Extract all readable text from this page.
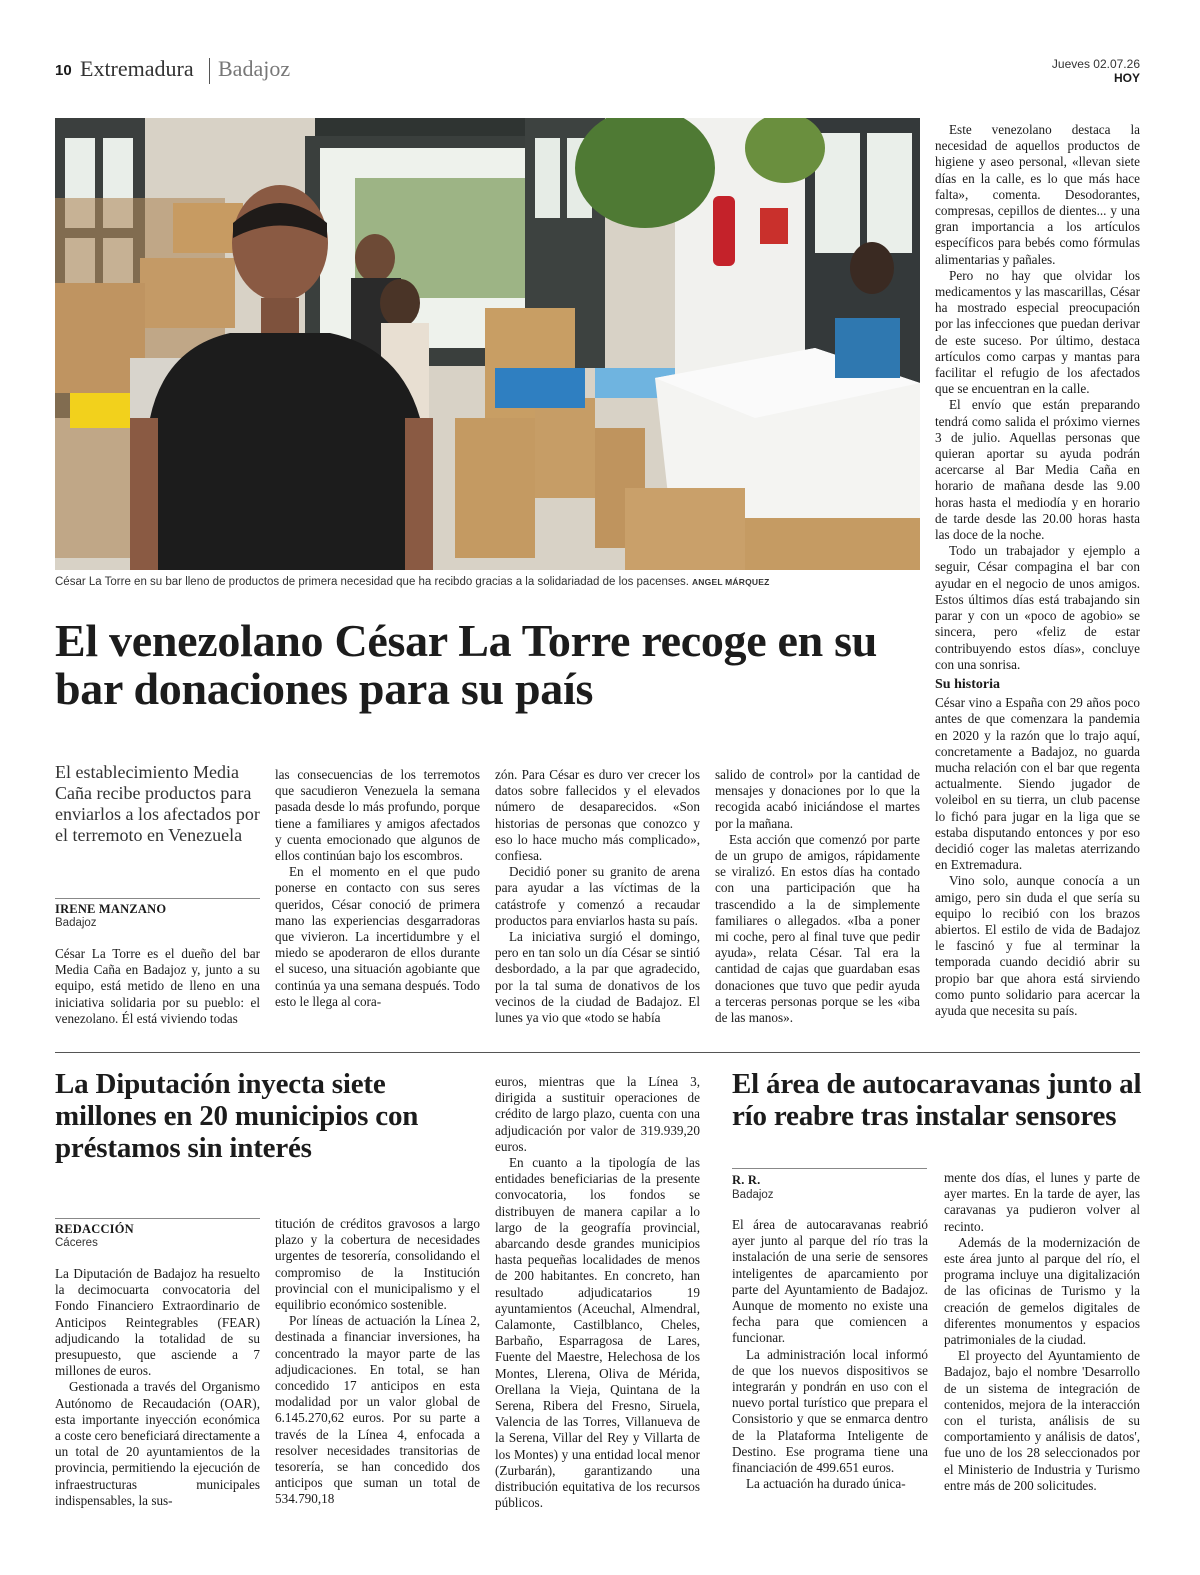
10 Extremadura Badajoz	Jueves 02.07.26
HOY
César La Torre en su bar lleno de productos de primera necesidad que ha recibdo gracias a la solidariadad de los pacenses. ANGEL MÁRQUEZ
El venezolano César La Torre recoge en su bar donaciones para su país
El establecimiento Media Caña recibe productos para enviarlos a los afectados por el terremoto en Venezuela
IRENE MANZANO
Badajoz

César La Torre es el dueño del bar Media Caña en Badajoz y, junto a su equipo, está metido de lleno en una iniciativa solidaria por su pueblo: el venezolano. Él está viviendo todas

las consecuencias de los terremotos que sacudieron Venezuela la semana pasada desde lo más profundo, porque tiene a familiares y amigos afectados y cuenta emocionado que algunos de ellos continúan bajo los escombros.

En el momento en el que pudo ponerse en contacto con sus seres queridos, César conoció de primera mano las experiencias desgarradoras que vivieron. La incertidumbre y el miedo se apoderaron de ellos durante el suceso, una situación agobiante que continúa ya una semana después. Todo esto le llega al cora-

zón. Para César es duro ver crecer los datos sobre fallecidos y el elevados número de desaparecidos. «Son historias de personas que conozco y eso lo hace mucho más complicado», confiesa.

Decidió poner su granito de arena para ayudar a las víctimas de la catástrofe y comenzó a recaudar productos para enviarlos hasta su país.

La iniciativa surgió el domingo, pero en tan solo un día César se sintió desbordado, a la par que agradecido, por la tal suma de donativos de los vecinos de la ciudad de Badajoz. El lunes ya vio que «todo se había

salido de control» por la cantidad de mensajes y donaciones por lo que la recogida acabó iniciándose el martes por la mañana.

Esta acción que comenzó por parte de un grupo de amigos, rápidamente se viralizó. En estos días ha contado con una participación que ha trascendido a la de simplemente familiares o allegados. «Iba a poner mi coche, pero al final tuve que pedir ayuda», relata César. Tal era la cantidad de cajas que guardaban esas donaciones que tuvo que pedir ayuda a terceras personas porque se les «iba de las manos».

Este venezolano destaca la necesidad de aquellos productos de higiene y aseo personal, «llevan siete días en la calle, es lo que más hace falta», comenta. Desodorantes, compresas, cepillos de dientes... y una gran importancia a los artículos específicos para bebés como fórmulas alimentarias y pañales.

Pero no hay que olvidar los medicamentos y las mascarillas, César ha mostrado especial preocupación por las infecciones que puedan derivar de este suceso. Por último, destaca artículos como carpas y mantas para facilitar el refugio de los afectados que se encuentran en la calle.

El envío que están preparando tendrá como salida el próximo viernes 3 de julio. Aquellas personas que quieran aportar su ayuda podrán acercarse al Bar Media Caña en horario de mañana desde las 9.00 horas hasta el mediodía y en horario de tarde desde las 20.00 horas hasta las doce de la noche.

Todo un trabajador y ejemplo a seguir, César compagina el bar con ayudar en el negocio de unos amigos. Estos últimos días está trabajando sin parar y con un «poco de agobio» se sincera, pero «feliz de estar contribuyendo estos días», concluye con una sonrisa.

Su historia

César vino a España con 29 años poco antes de que comenzara la pandemia en 2020 y la razón que lo trajo aquí, concretamente a Badajoz, no guarda mucha relación con el bar que regenta actualmente. Siendo jugador de voleibol en su tierra, un club pacense lo fichó para jugar en la liga que se estaba disputando entonces y por eso decidió coger las maletas aterrizando en Extremadura.

Vino solo, aunque conocía a un amigo, pero sin duda el que sería su equipo lo recibió con los brazos abiertos. El estilo de vida de Badajoz le fascinó y fue al terminar la temporada cuando decidió abrir su propio bar que ahora está sirviendo como punto solidario para acercar la ayuda que necesita su país.

La Diputación inyecta siete millones en 20 municipios con préstamos sin interés
REDACCIÓN
Cáceres

La Diputación de Badajoz ha resuelto la decimocuarta convocatoria del Fondo Financiero Extraordinario de Anticipos Reintegrables (FEAR) adjudicando la totalidad de su presupuesto, que asciende a 7 millones de euros.

Gestionada a través del Organismo Autónomo de Recaudación (OAR), esta importante inyección económica a coste cero beneficiará directamente a un total de 20 ayuntamientos de la provincia, permitiendo la ejecución de infraestructuras municipales indispensables, la sus-

titución de créditos gravosos a largo plazo y la cobertura de necesidades urgentes de tesorería, consolidando el compromiso de la Institución provincial con el municipalismo y el equilibrio económico sostenible.

Por líneas de actuación la Línea 2, destinada a financiar inversiones, ha concentrado la mayor parte de las adjudicaciones. En total, se han concedido 17 anticipos en esta modalidad por un valor global de 6.145.270,62 euros. Por su parte a través de la Línea 4, enfocada a resolver necesidades transitorias de tesorería, se han concedido dos anticipos que suman un total de 534.790,18

euros, mientras que la Línea 3, dirigida a sustituir operaciones de crédito de largo plazo, cuenta con una adjudicación por valor de 319.939,20 euros.

En cuanto a la tipología de las entidades beneficiarias de la presente convocatoria, los fondos se distribuyen de manera capilar a lo largo de la geografía provincial, abarcando desde grandes municipios hasta pequeñas localidades de menos de 200 habitantes. En concreto, han resultado adjudicatarios 19 ayuntamientos (Aceuchal, Almendral, Calamonte, Castilblanco, Cheles, Barbaño, Esparragosa de Lares, Fuente del Maestre, Helechosa de los Montes, Llerena, Oliva de Mérida, Orellana la Vieja, Quintana de la Serena, Ribera del Fresno, Siruela, Valencia de las Torres, Villanueva de la Serena, Villar del Rey y Villarta de los Montes) y una entidad local menor (Zurbarán), garantizando una distribución equitativa de los recursos públicos.

El área de autocaravanas junto al río reabre tras instalar sensores
R. R.
Badajoz

El área de autocaravanas reabrió ayer junto al parque del río tras la instalación de una serie de sensores inteligentes de aparcamiento por parte del Ayuntamiento de Badajoz. Aunque de momento no existe una fecha para que comiencen a funcionar.

La administración local informó de que los nuevos dispositivos se integrarán y pondrán en uso con el nuevo portal turístico que prepara el Consistorio y que se enmarca dentro de la Plataforma Inteligente de Destino. Ese programa tiene una financiación de 499.651 euros.

La actuación ha durado única-

mente dos días, el lunes y parte de ayer martes. En la tarde de ayer, las caravanas ya pudieron volver al recinto.

Además de la modernización de este área junto al parque del río, el programa incluye una digitalización de las oficinas de Turismo y la creación de gemelos digitales de diferentes monumentos y espacios patrimoniales de la ciudad.

El proyecto del Ayuntamiento de Badajoz, bajo el nombre 'Desarrollo de un sistema de integración de contenidos, mejora de la interacción con el turista, análisis de su comportamiento y análisis de datos', fue uno de los 28 seleccionados por el Ministerio de Industria y Turismo entre más de 200 solicitudes.
